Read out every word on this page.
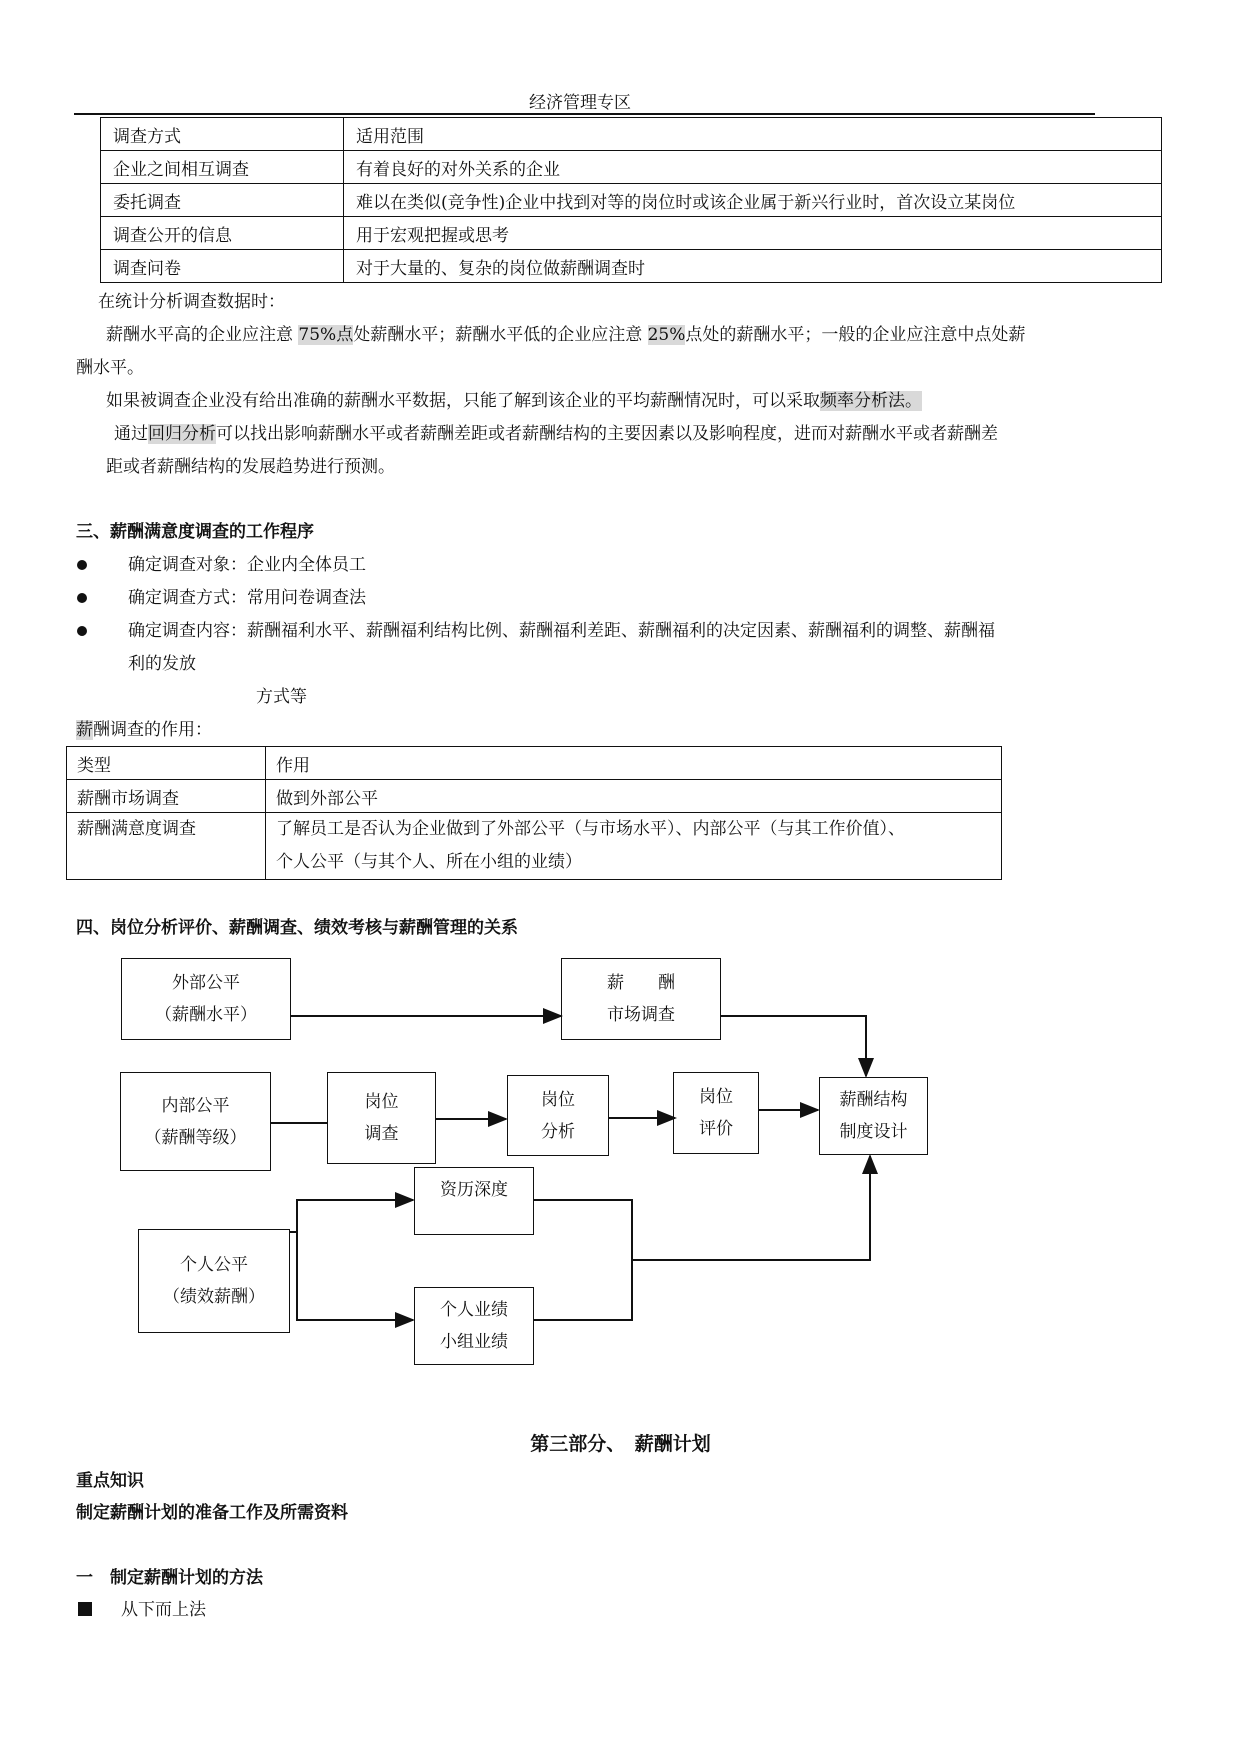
经济管理专区
调查方式	适用范围
企业之间相互调查	有着良好的对外关系的企业
委托调查	难以在类似(竞争性)企业中找到对等的岗位时或该企业属于新兴行业时，首次设立某岗位
调查公开的信息	用于宏观把握或思考
调查问卷	对于大量的、复杂的岗位做薪酬调查时
在统计分析调查数据时：
薪酬水平高的企业应注意 75%点处薪酬水平；薪酬水平低的企业应注意 25%点处的薪酬水平；一般的企业应注意中点处薪
酬水平。
如果被调查企业没有给出准确的薪酬水平数据，只能了解到该企业的平均薪酬情况时，可以采取频率分析法。
通过回归分析可以找出影响薪酬水平或者薪酬差距或者薪酬结构的主要因素以及影响程度，进而对薪酬水平或者薪酬差
距或者薪酬结构的发展趋势进行预测。
三、薪酬满意度调查的工作程序
确定调查对象：企业内全体员工
确定调查方式：常用问卷调查法
确定调查内容：薪酬福利水平、薪酬福利结构比例、薪酬福利差距、薪酬福利的决定因素、薪酬福利的调整、薪酬福
利的发放
方式等
薪酬调查的作用：
类型	作用
薪酬市场调查	做到外部公平
薪酬满意度调查	了解员工是否认为企业做到了外部公平（与市场水平）、内部公平（与其工作价值）、
个人公平（与其个人、所在小组的业绩）
四、岗位分析评价、薪酬调查、绩效考核与薪酬管理的关系
外部公平
（薪酬水平）
薪　　酬
市场调查
内部公平
（薪酬等级）
岗位
调查
岗位
分析
岗位
评价
薪酬结构
制度设计
资历深度
个人公平
（绩效薪酬）
个人业绩
小组业绩
第三部分、　薪酬计划
重点知识
制定薪酬计划的准备工作及所需资料
一　制定薪酬计划的方法
从下而上法
